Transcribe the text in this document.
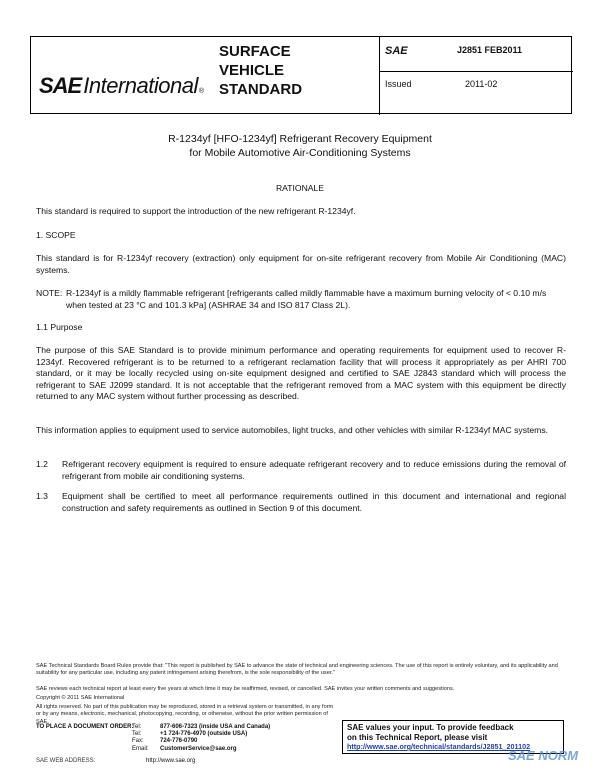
SAE International ®
SURFACE
VEHICLE
STANDARD
SAE	J2851 FEB2011
Issued	2011-02
R-1234yf [HFO-1234yf] Refrigerant Recovery Equipment
for Mobile Automotive Air-Conditioning Systems
RATIONALE
This standard is required to support the introduction of the new refrigerant R-1234yf.
1. SCOPE
This standard is for R-1234yf recovery (extraction) only equipment for on-site refrigerant recovery from Mobile Air Conditioning (MAC) systems.
NOTE: R-1234yf is a mildly flammable refrigerant [refrigerants called mildly flammable have a maximum burning velocity of < 0.10 m/s when tested at 23 °C and 101.3 kPa] (ASHRAE 34 and ISO 817 Class 2L).
1.1 Purpose
The purpose of this SAE Standard is to provide minimum performance and operating requirements for equipment used to recover R-1234yf. Recovered refrigerant is to be returned to a refrigerant reclamation facility that will process it appropriately as per AHRI 700 standard, or it may be locally recycled using on-site equipment designed and certified to SAE J2843 standard which will process the refrigerant to SAE J2099 standard. It is not acceptable that the refrigerant removed from a MAC system with this equipment be directly returned to any MAC system without further processing as described.
This information applies to equipment used to service automobiles, light trucks, and other vehicles with similar R-1234yf MAC systems.
1.2 Refrigerant recovery equipment is required to ensure adequate refrigerant recovery and to reduce emissions during the removal of refrigerant from mobile air conditioning systems.
1.3 Equipment shall be certified to meet all performance requirements outlined in this document and international and regional construction and safety requirements as outlined in Section 9 of this document.
SAE Technical Standards Board Rules provide that: "This report is published by SAE to advance the state of technical and engineering sciences. The use of this report is entirely voluntary, and its applicability and suitability for any particular use, including any patent infringement arising therefrom, is the sole responsibility of the user."
SAE reviews each technical report at least every five years at which time it may be reaffirmed, revised, or cancelled. SAE invites your written comments and suggestions.
Copyright © 2011 SAE International
All rights reserved. No part of this publication may be reproduced, stored in a retrieval system or transmitted, in any form or by any means, electronic, mechanical, photocopying, recording, or otherwise, without the prior written permission of SAE.
TO PLACE A DOCUMENT ORDER:
Tel:	877-606-7323 (inside USA and Canada)
Tel:	+1 724-776-4970 (outside USA)
Fax:	724-776-0790
Email:	CustomerService@sae.org
SAE values your input. To provide feedback
on this Technical Report, please visit
http://www.sae.org/technical/standards/J2851_201102
SAE WEB ADDRESS:	http://www.sae.org	SAE NORM
